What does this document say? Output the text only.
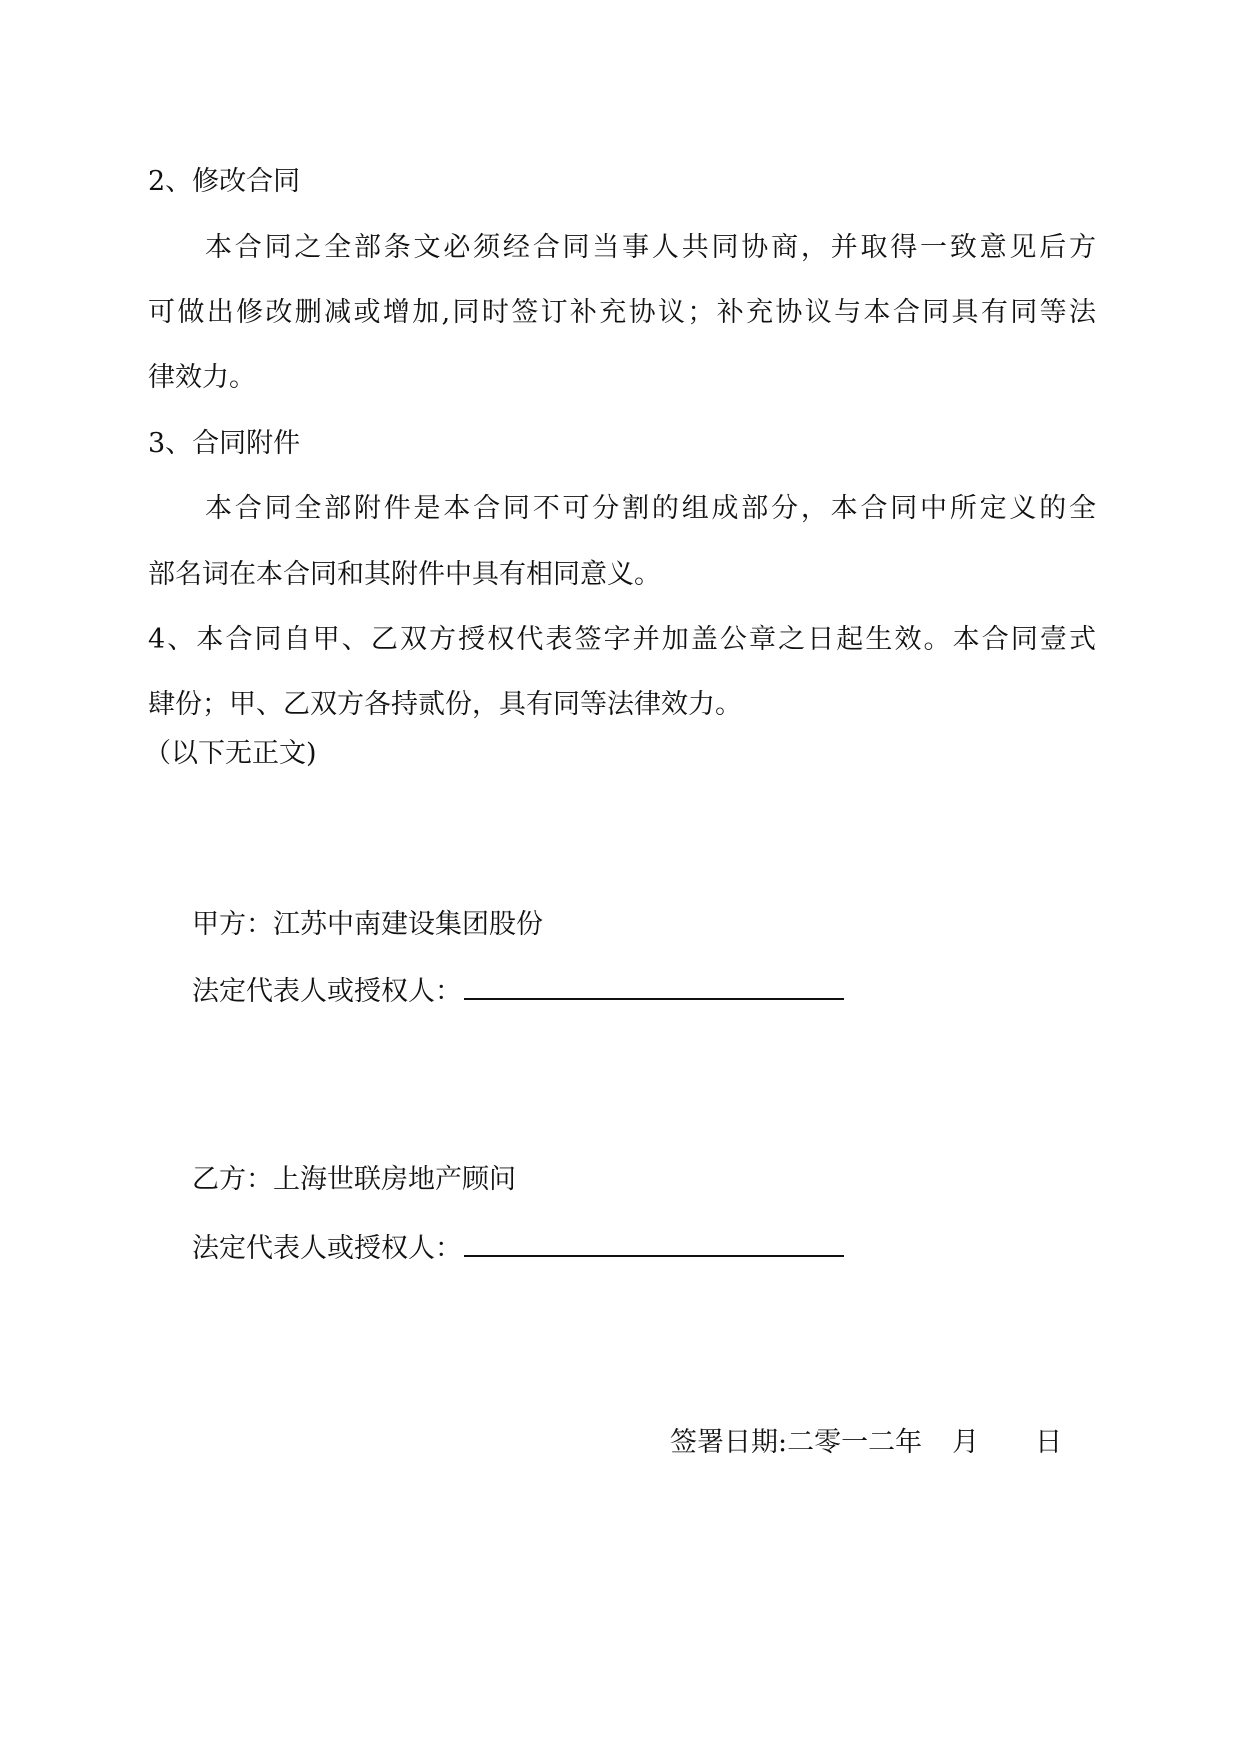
2、修改合同
本合同之全部条文必须经合同当事人共同协商，并取得一致意见后方
可做出修改删减或增加,同时签订补充协议；补充协议与本合同具有同等法
律效力。
3、合同附件
本合同全部附件是本合同不可分割的组成部分，本合同中所定义的全
部名词在本合同和其附件中具有相同意义。
4、本合同自甲、乙双方授权代表签字并加盖公章之日起生效。本合同壹式
肆份；甲、乙双方各持贰份，具有同等法律效力。
（以下无正文)
甲方：江苏中南建设集团股份
法定代表人或授权人：
乙方：上海世联房地产顾问
法定代表人或授权人：
签署日期:二零一二年 月 日
